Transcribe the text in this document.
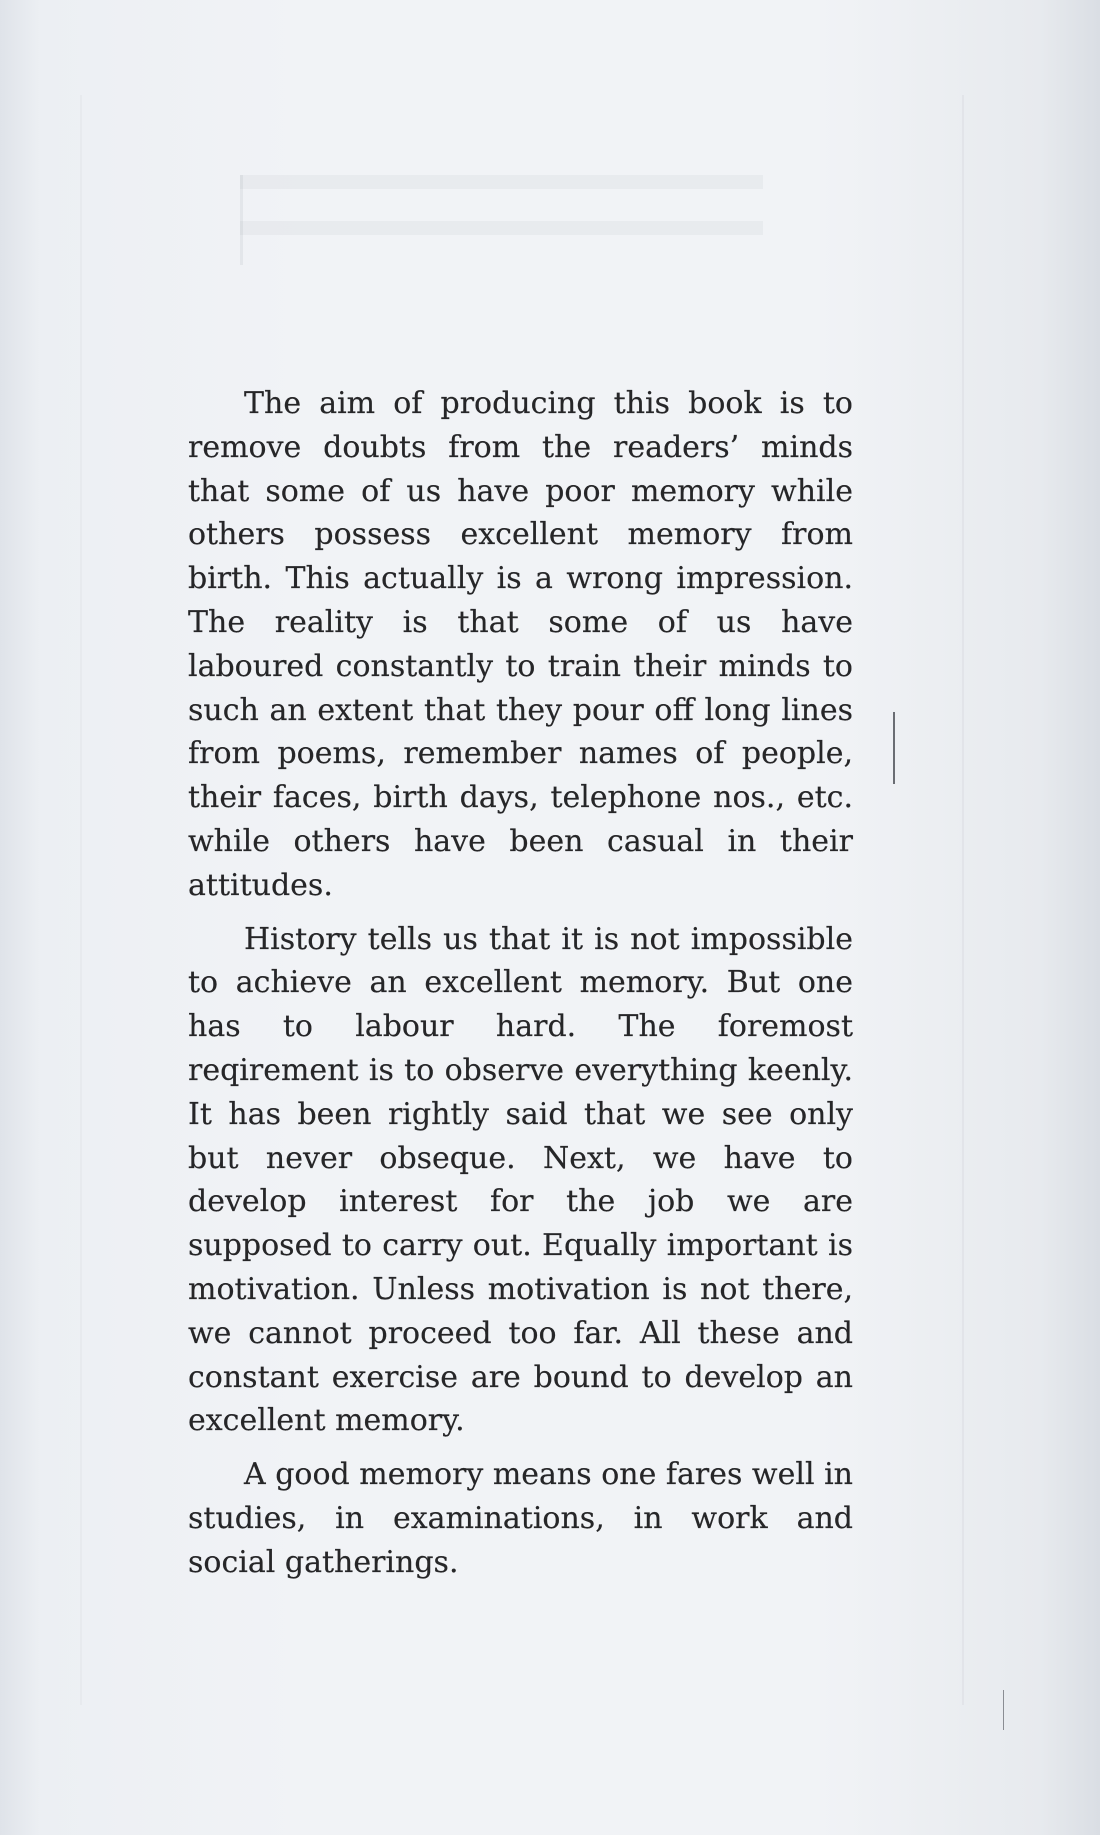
The aim of producing this book is to remove doubts from the readers’ minds that some of us have poor memory while others possess excellent memory from birth. This actually is a wrong impression. The reality is that some of us have laboured constantly to train their minds to such an extent that they pour off long lines from poems, remember names of people, their faces, birth days, telephone nos., etc. while others have been casual in their attitudes.

History tells us that it is not impossible to achieve an excellent memory. But one has to labour hard. The foremost reqirement is to observe everything keenly. It has been rightly said that we see only but never obseque. Next, we have to develop interest for the job we are supposed to carry out. Equally important is motivation. Unless motivation is not there, we cannot proceed too far. All these and constant exercise are bound to develop an excellent memory.

A good memory means one fares well in studies, in examinations, in work and social gatherings.
